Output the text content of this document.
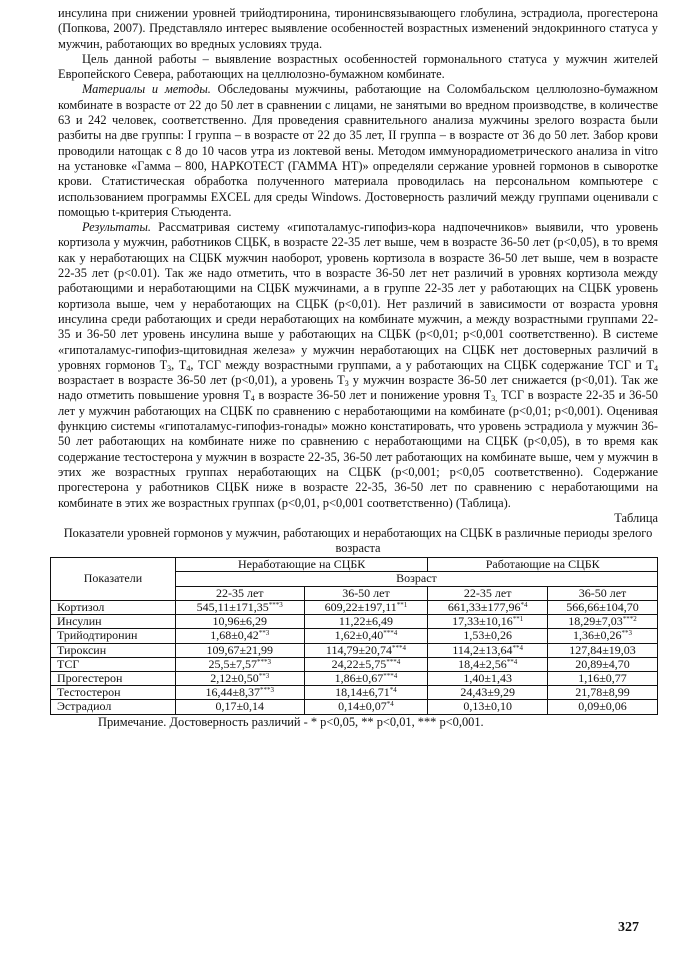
инсулина при снижении уровней трийодтиронина, тиронинсвязывающего глобулина, эстрадиола, прогестерона (Попкова, 2007). Представляло интерес выявление особенностей возрастных изменений эндокринного статуса у мужчин, работающих во вредных условиях труда.

Цель данной работы – выявление возрастных особенностей гормонального статуса у мужчин жителей Европейского Севера, работающих на целлюлозно-бумажном комбинате.

Материалы и методы. Обследованы мужчины, работающие на Соломбальском целлюлозно-бумажном комбинате в возрасте от 22 до 50 лет в сравнении с лицами, не занятыми во вредном производстве, в количестве 63 и 242 человек, соответственно. Для проведения сравнительного анализа мужчины зрелого возраста были разбиты на две группы: I группа – в возрасте от 22 до 35 лет, II группа – в возрасте от 36 до 50 лет. Забор крови проводили натощак с 8 до 10 часов утра из локтевой вены. Методом иммунорадиометрического анализа in vitro на установке «Гамма – 800, НАРКОТЕСТ (ГАММА НТ)» определяли сержание уровней гормонов в сыворотке крови. Статистическая обработка полученного материала проводилась на персональном компьютере с использованием программы EXCEL для среды Windows. Достоверность различий между группами оценивали с помощью t-критерия Стьюдента.

Результаты. Рассматривая систему «гипоталамус-гипофиз-кора надпочечников» выявили, что уровень кортизола у мужчин, работников СЦБК, в возрасте 22-35 лет выше, чем в возрасте 36-50 лет (p<0,05), в то время как у неработающих на СЦБК мужчин наоборот, уровень кортизола в возрасте 36-50 лет выше, чем в возрасте 22-35 лет (p<0.01). Так же надо отметить, что в возрасте 36-50 лет нет различий в уровнях кортизола между работающими и неработающими на СЦБК мужчинами, а в группе 22-35 лет у работающих на СЦБК уровень кортизола выше, чем у неработающих на СЦБК (p<0,01). Нет различий в зависимости от возраста уровня инсулина среди работающих и среди неработающих на комбинате мужчин, а между возрастными группами 22-35 и 36-50 лет уровень инсулина выше у работающих на СЦБК (p<0,01; p<0,001 соответственно). В системе «гипоталамус-гипофиз-щитовидная железа» у мужчин неработающих на СЦБК нет достоверных различий в уровнях гормонов $Т_3$, $Т_4$, ТСГ между возрастными группами, а у работающих на СЦБК содержание ТСГ и $Т_4$ возрастает в возрасте 36-50 лет (p<0,01), а уровень $Т_3$ у мужчин возрасте 36-50 лет снижается (p<0,01). Так же надо отметить повышение уровня $Т_4$ в возрасте 36-50 лет и понижение уровня $Т_{3,}$ ТСГ в возрасте 22-35 и 36-50 лет у мужчин работающих на СЦБК по сравнению с неработающими на комбинате (p<0,01; p<0,001). Оценивая функцию системы «гипоталамус-гипофиз-гонады» можно констатировать, что уровень эстрадиола у мужчин 36-50 лет работающих на комбинате ниже по сравнению с неработающими на СЦБК (p<0,05), в то время как содержание тестостерона у мужчин в возрасте 22-35, 36-50 лет работающих на комбинате выше, чем у мужчин в этих же возрастных группах неработающих на СЦБК (p<0,001; p<0,05 соответственно). Содержание прогестерона у работников СЦБК ниже в возрасте 22-35, 36-50 лет по сравнению с неработающими на комбинате в этих же возрастных группах (p<0,01, p<0,001 соответственно) (Таблица).

Таблица

Показатели уровней гормонов у мужчин, работающих и неработающих на СЦБК в различные периоды зрелого возраста

Показатели	Неработающие на СЦБК		Работающие на СЦБК	
	Возраст			
	22-35 лет	36-50 лет	22-35 лет	36-50 лет
Кортизол	$545,11\pm 171,35^{***3}$	$609,22\pm 197,11^{**1}$	$661,33\pm 177,96^{*4}$	566,66±104,70
Инсулин	10,96±6,29	11,22±6,49	$17,33\pm 10,16^{**1}$	$18,29\pm 7,03^{***2}$
Трийодтиронин	$1,68\pm 0,42^{**3}$	$1,62\pm 0,40^{***4}$	1,53±0,26	$1,36\pm 0,26^{**3}$
Тироксин	109,67±21,99	$114,79\pm 20,74^{***4}$	$114,2\pm 13,64^{**4}$	127,84±19,03
ТСГ	$25,5\pm 7,57^{***3}$	$24,22\pm 5,75^{***4}$	$18,4\pm 2,56^{**4}$	20,89±4,70
Прогестерон	$2,12\pm 0,50^{**3}$	$1,86\pm 0,67^{***4}$	1,40±1,43	1,16±0,77
Тестостерон	$16,44\pm 8,37^{***3}$	$18,14\pm 6,71^{*4}$	24,43±9,29	21,78±8,99
Эстрадиол	0,17±0,14	$0,14\pm 0,07^{*4}$	0,13±0,10	0,09±0,06

Примечание. Достоверность различий - * p<0,05, ** p<0,01, *** p<0,001.

327
